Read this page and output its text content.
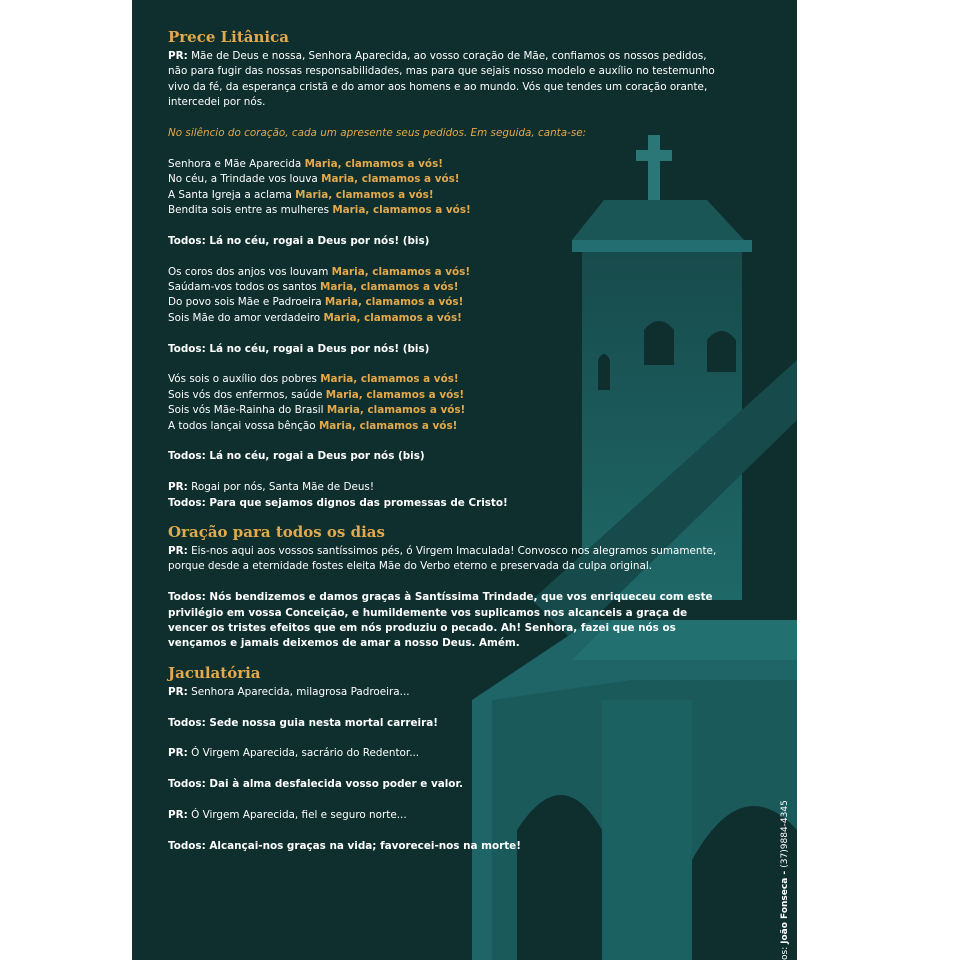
Prece Litânica

PR: Mãe de Deus e nossa, Senhora Aparecida, ao vosso coração de Mãe, confiamos os nossos pedidos, não para fugir das nossas responsabilidades, mas para que sejais nosso modelo e auxílio no testemunho vivo da fé, da esperança cristã e do amor aos homens e ao mundo. Vós que tendes um coração orante, intercedei por nós.

No silêncio do coração, cada um apresente seus pedidos. Em seguida, canta-se:

Senhora e Mãe Aparecida Maria, clamamos a vós!

No céu, a Trindade vos louva Maria, clamamos a vós!

A Santa Igreja a aclama Maria, clamamos a vós!

Bendita sois entre as mulheres Maria, clamamos a vós!

Todos: Lá no céu, rogai a Deus por nós! (bis)

Os coros dos anjos vos louvam Maria, clamamos a vós!

Saúdam-vos todos os santos Maria, clamamos a vós!

Do povo sois Mãe e Padroeira Maria, clamamos a vós!

Sois Mãe do amor verdadeiro Maria, clamamos a vós!

Todos: Lá no céu, rogai a Deus por nós! (bis)

Vós sois o auxílio dos pobres Maria, clamamos a vós!

Sois vós dos enfermos, saúde Maria, clamamos a vós!

Sois vós Mãe-Rainha do Brasil Maria, clamamos a vós!

A todos lançai vossa bênção Maria, clamamos a vós!

Todos: Lá no céu, rogai a Deus por nós (bis)

PR: Rogai por nós, Santa Mãe de Deus!

Todos: Para que sejamos dignos das promessas de Cristo!

Oração para todos os dias

PR: Eis-nos aqui aos vossos santíssimos pés, ó Virgem Imaculada! Convosco nos alegramos sumamente, porque desde a eternidade fostes eleita Mãe do Verbo eterno e preservada da culpa original.

Todos: Nós bendizemos e damos graças à Santíssima Trindade, que vos enriqueceu com este privilégio em vossa Conceição, e humildemente vos suplicamos nos alcanceis a graça de vencer os tristes efeitos que em nós produziu o pecado. Ah! Senhora, fazei que nós os vençamos e jamais deixemos de amar a nosso Deus. Amém.

Jaculatória

PR: Senhora Aparecida, milagrosa Padroeira...

Todos: Sede nossa guia nesta mortal carreira!

PR: Ó Virgem Aparecida, sacrário do Redentor...

Todos: Dai à alma desfalecida vosso poder e valor.

PR: Ó Virgem Aparecida, fiel e seguro norte...

Todos: Alcançai-nos graças na vida; favorecei-nos na morte!

os: João Fonseca - (37)9884-4345
